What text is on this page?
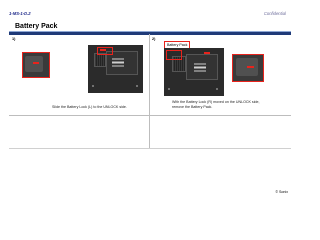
1-MS-1-D.2	Confidential
Battery Pack
1)
Slide the Battery Lock (L) to the UNLOCK side.
2)
Battery Pack
With the Battery Lock (R) moved on the UNLOCK side,
remove the Battery Pack.
© Sonix
